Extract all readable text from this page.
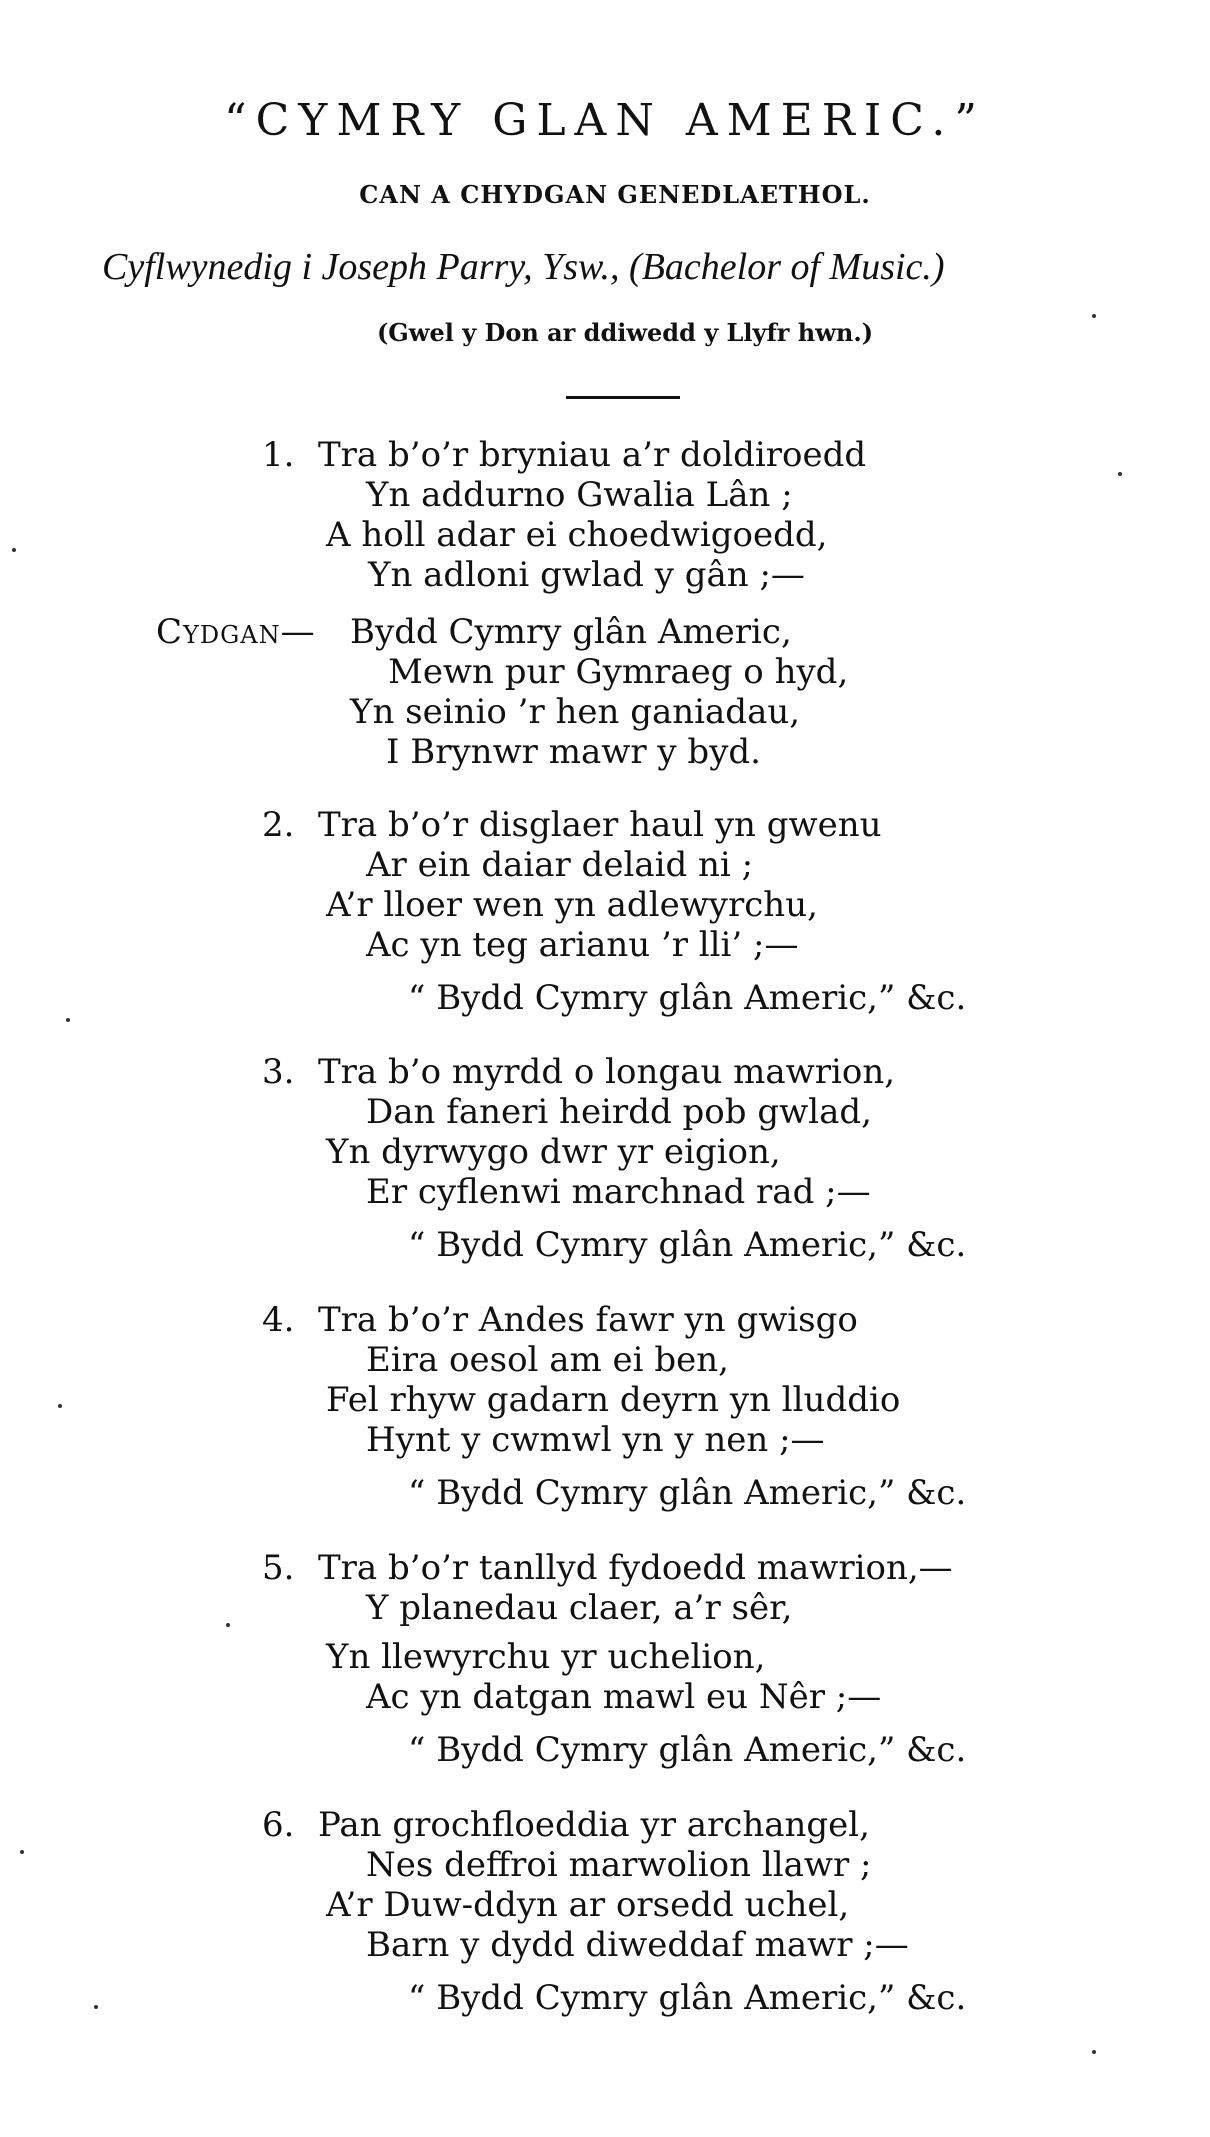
“CYMRY GLAN AMERIC.”
CAN A CHYDGAN GENEDLAETHOL.
Cyflwynedig i Joseph Parry, Ysw., (Bachelor of Music.)
(Gwel y Don ar ddiwedd y Llyfr hwn.)
1. Tra b’o’r bryniau a’r doldiroedd
Yn addurno Gwalia Lân ;
A holl adar ei choedwigoedd,
Yn adloni gwlad y gân ;—
Cydgan— Bydd Cymry glân Americ,
Mewn pur Gymraeg o hyd,
Yn seinio ’r hen ganiadau,
I Brynwr mawr y byd.
2. Tra b’o’r disglaer haul yn gwenu
Ar ein daiar delaid ni ;
A’r lloer wen yn adlewyrchu,
Ac yn teg arianu ’r lli’ ;—
“ Bydd Cymry glân Americ,” &c.
3. Tra b’o myrdd o longau mawrion,
Dan faneri heirdd pob gwlad,
Yn dyrwygo dwr yr eigion,
Er cyflenwi marchnad rad ;—
“ Bydd Cymry glân Americ,” &c.
4. Tra b’o’r Andes fawr yn gwisgo
Eira oesol am ei ben,
Fel rhyw gadarn deyrn yn lluddio
Hynt y cwmwl yn y nen ;—
“ Bydd Cymry glân Americ,” &c.
5. Tra b’o’r tanllyd fydoedd mawrion,—
Y planedau claer, a’r sêr,
Yn llewyrchu yr uchelion,
Ac yn datgan mawl eu Nêr ;—
“ Bydd Cymry glân Americ,” &c.
6. Pan grochfloeddia yr archangel,
Nes deffroi marwolion llawr ;
A’r Duw-ddyn ar orsedd uchel,
Barn y dydd diweddaf mawr ;—
“ Bydd Cymry glân Americ,” &c.
